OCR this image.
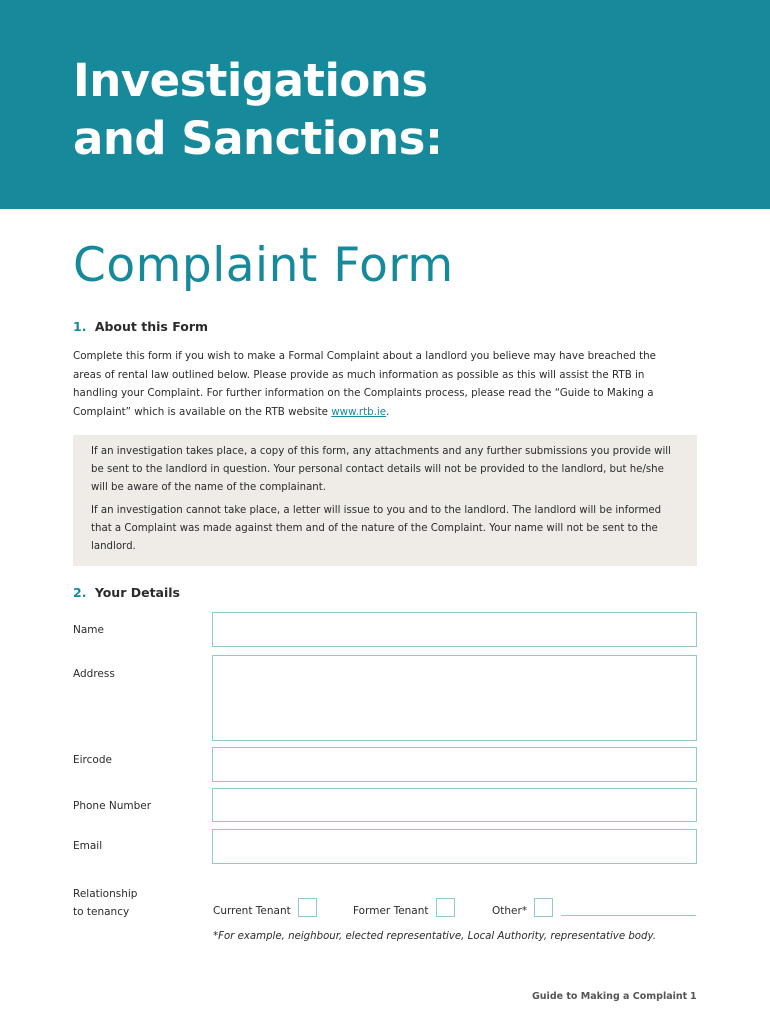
Investigations
and Sanctions:
Complaint Form
1. About this Form

Complete this form if you wish to make a Formal Complaint about a landlord you believe may have breached the
areas of rental law outlined below. Please provide as much information as possible as this will assist the RTB in
handling your Complaint. For further information on the Complaints process, please read the “Guide to Making a
Complaint” which is available on the RTB website www.rtb.ie.

If an investigation takes place, a copy of this form, any attachments and any further submissions you provide will be sent to the landlord in question. Your personal contact details will not be provided to the landlord, but he/she will be aware of the name of the complainant.

If an investigation cannot take place, a letter will issue to you and to the landlord. The landlord will be informed that a Complaint was made against them and of the nature of the Complaint. Your name will not be sent to the landlord.

2. Your Details
Name
Address
Eircode
Phone Number
Email
Relationship
to tenancy	Current Tenant	Former Tenant	Other*

*For example, neighbour, elected representative, Local Authority, representative body.

Guide to Making a Complaint 1
